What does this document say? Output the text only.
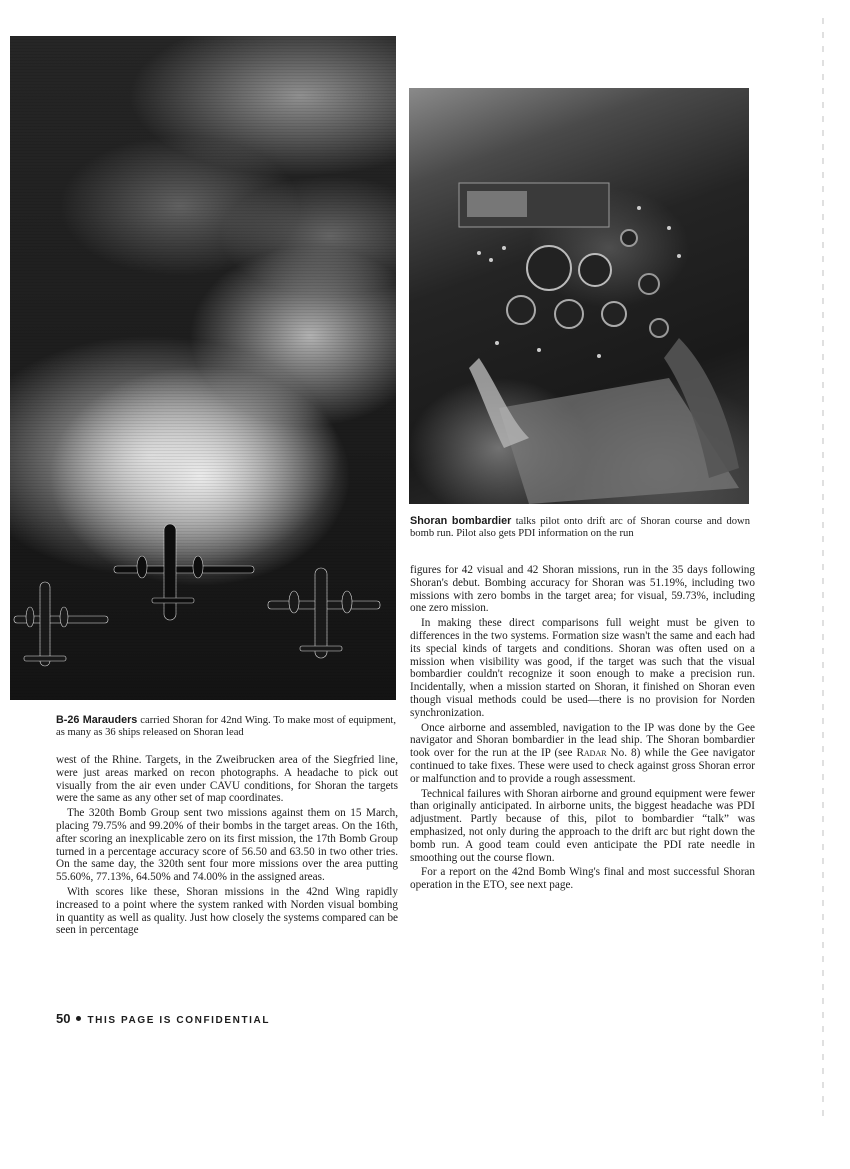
Shoran bombardier talks pilot onto drift arc of Shoran course and down bomb run. Pilot also gets PDI information on the run
B-26 Marauders carried Shoran for 42nd Wing. To make most of equipment, as many as 36 ships released on Shoran lead

west of the Rhine. Targets, in the Zweibrucken area of the Siegfried line, were just areas marked on recon photographs. A headache to pick out visually from the air even under CAVU conditions, for Shoran the targets were the same as any other set of map coordinates.

The 320th Bomb Group sent two missions against them on 15 March, placing 79.75% and 99.20% of their bombs in the target areas. On the 16th, after scoring an inexplicable zero on its first mission, the 17th Bomb Group turned in a percentage accuracy score of 56.50 and 63.50 in two other tries. On the same day, the 320th sent four more missions over the area putting 55.60%, 77.13%, 64.50% and 74.00% in the assigned areas.

With scores like these, Shoran missions in the 42nd Wing rapidly increased to a point where the system ranked with Norden visual bombing in quantity as well as quality. Just how closely the systems compared can be seen in percentage

figures for 42 visual and 42 Shoran missions, run in the 35 days following Shoran's debut. Bombing accuracy for Shoran was 51.19%, including two missions with zero bombs in the target area; for visual, 59.73%, including one zero mission.

In making these direct comparisons full weight must be given to differences in the two systems. Formation size wasn't the same and each had its special kinds of targets and conditions. Shoran was often used on a mission when visibility was good, if the target was such that the visual bombardier couldn't recognize it soon enough to make a precision run. Incidentally, when a mission started on Shoran, it finished on Shoran even though visual methods could be used—there is no provision for Norden synchronization.

Once airborne and assembled, navigation to the IP was done by the Gee navigator and Shoran bombardier in the lead ship. The Shoran bombardier took over for the run at the IP (see Radar No. 8) while the Gee navigator continued to take fixes. These were used to check against gross Shoran error or malfunction and to provide a rough assessment.

Technical failures with Shoran airborne and ground equipment were fewer than originally anticipated. In airborne units, the biggest headache was PDI adjustment. Partly because of this, pilot to bombardier “talk” was emphasized, not only during the approach to the drift arc but right down the bomb run. A good team could even anticipate the PDI rate needle in smoothing out the course flown.

For a report on the 42nd Bomb Wing's final and most successful Shoran operation in the ETO, see next page.

50 THIS PAGE IS CONFIDENTIAL
